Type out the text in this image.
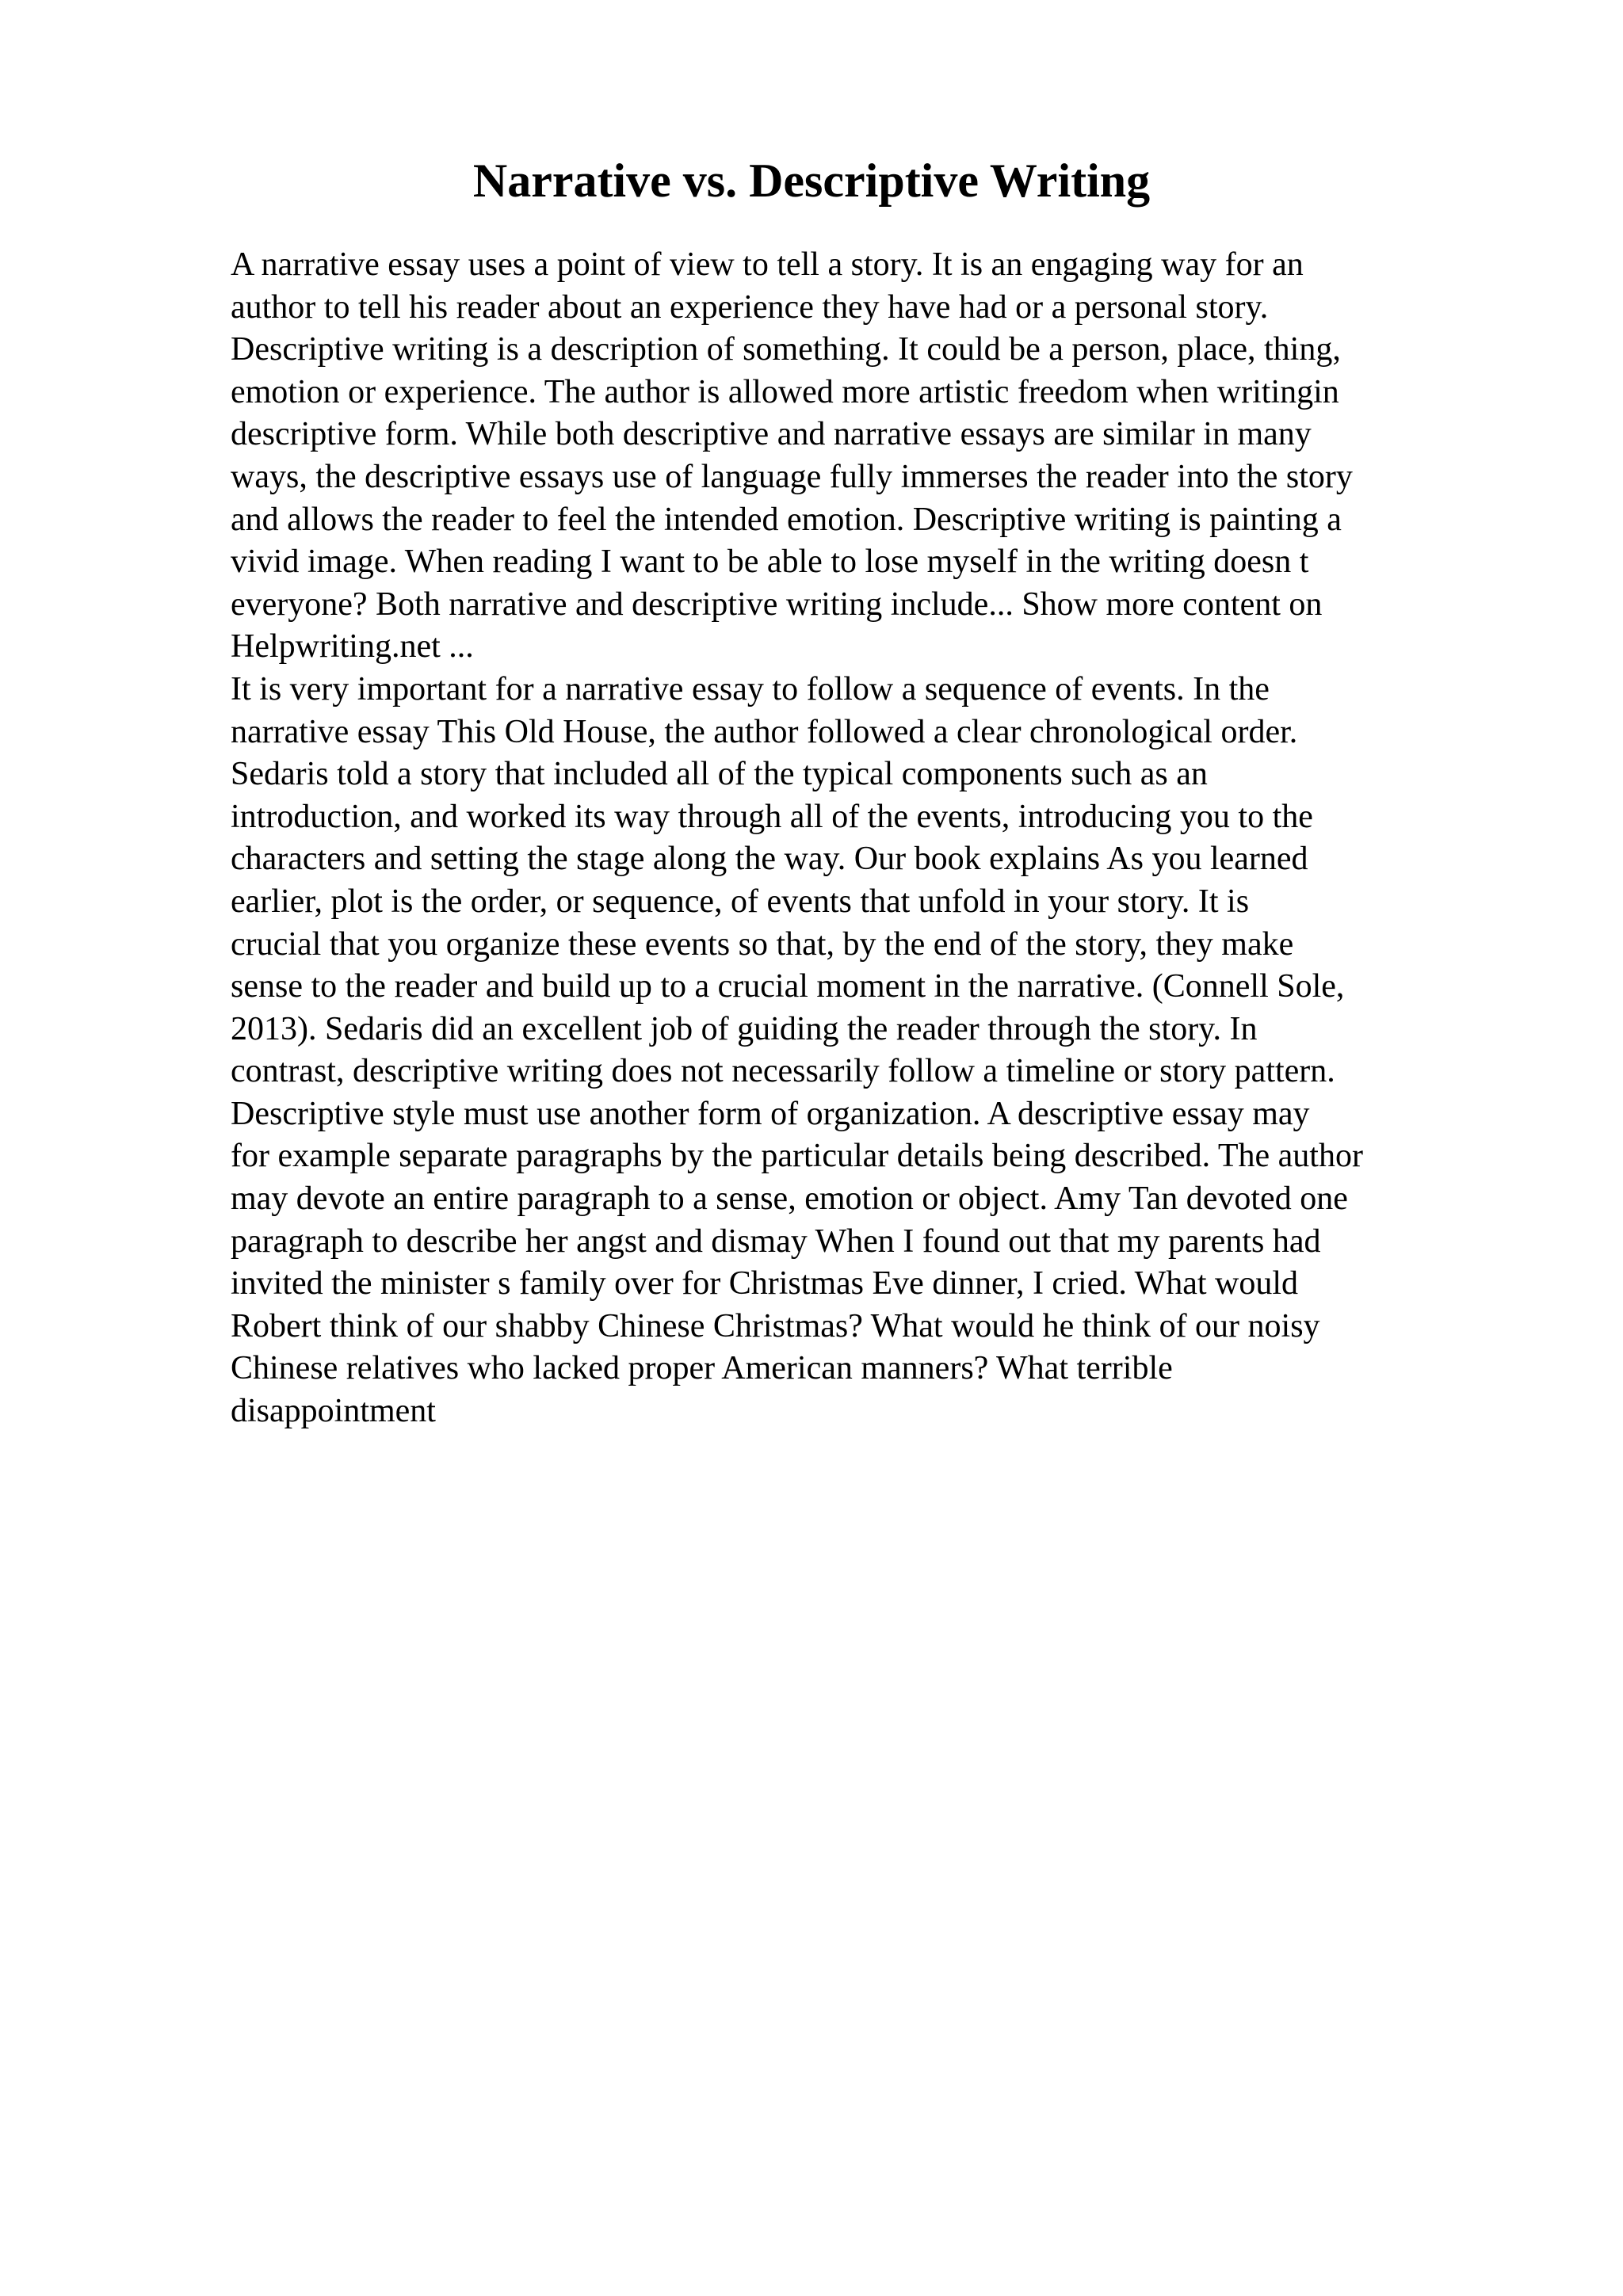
Narrative vs. Descriptive Writing
A narrative essay uses a point of view to tell a story. It is an engaging way for an
author to tell his reader about an experience they have had or a personal story.
Descriptive writing is a description of something. It could be a person, place, thing,
emotion or experience. The author is allowed more artistic freedom when writingin
descriptive form. While both descriptive and narrative essays are similar in many
ways, the descriptive essays use of language fully immerses the reader into the story
and allows the reader to feel the intended emotion. Descriptive writing is painting a
vivid image. When reading I want to be able to lose myself in the writing doesn t
everyone? Both narrative and descriptive writing include... Show more content on
Helpwriting.net ...
It is very important for a narrative essay to follow a sequence of events. In the
narrative essay This Old House, the author followed a clear chronological order.
Sedaris told a story that included all of the typical components such as an
introduction, and worked its way through all of the events, introducing you to the
characters and setting the stage along the way. Our book explains As you learned
earlier, plot is the order, or sequence, of events that unfold in your story. It is
crucial that you organize these events so that, by the end of the story, they make
sense to the reader and build up to a crucial moment in the narrative. (Connell Sole,
2013). Sedaris did an excellent job of guiding the reader through the story. In
contrast, descriptive writing does not necessarily follow a timeline or story pattern.
Descriptive style must use another form of organization. A descriptive essay may
for example separate paragraphs by the particular details being described. The author
may devote an entire paragraph to a sense, emotion or object. Amy Tan devoted one
paragraph to describe her angst and dismay When I found out that my parents had
invited the minister s family over for Christmas Eve dinner, I cried. What would
Robert think of our shabby Chinese Christmas? What would he think of our noisy
Chinese relatives who lacked proper American manners? What terrible
disappointment
